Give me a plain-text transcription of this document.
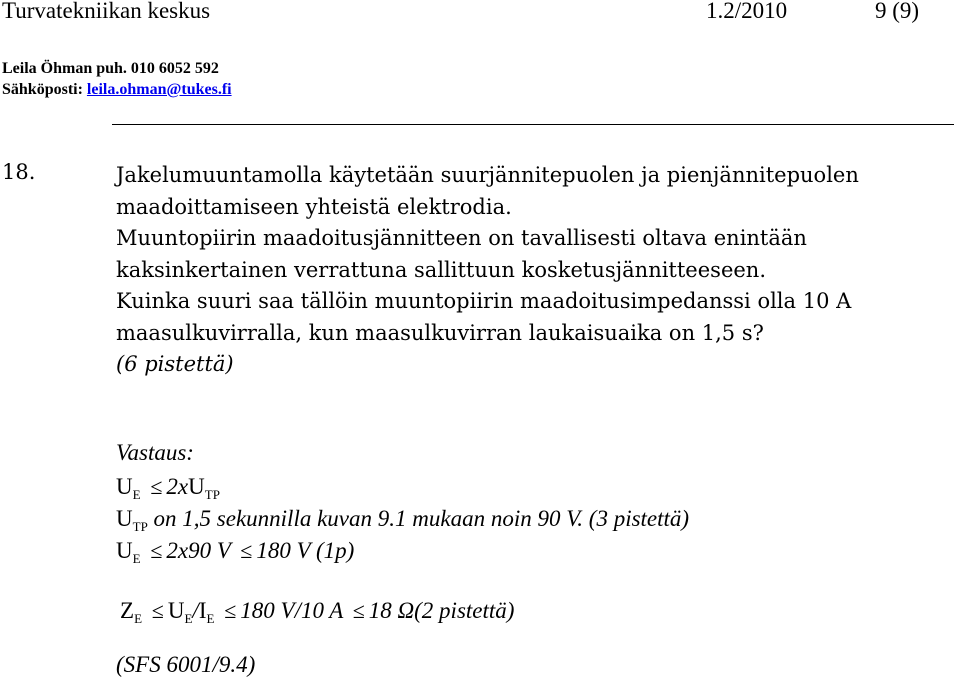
Turvatekniikan keskus	1.2/2010	9 (9)
Leila Öhman puh. 010 6052 592
Sähköposti: leila.ohman@tukes.fi
18.	Jakelumuuntamolla käytetään suurjännitepuolen ja pienjännitepuolen

maadoittamiseen yhteistä elektrodia.

Muuntopiirin maadoitusjännitteen on tavallisesti oltava enintään

kaksinkertainen verrattuna sallittuun kosketusjännitteeseen.

Kuinka suuri saa tällöin muuntopiirin maadoitusimpedanssi olla 10 A

maasulkuvirralla, kun maasulkuvirran laukaisuaika on 1,5 s?

(6 pistettä)

Vastaus:
$U_E \le 2xU_{TP}$
$U_{TP}$ on 1,5 sekunnilla kuvan 9.1 mukaan noin 90 V. (3 pistettä)
$U_E \le 2x90$ V ≤ 180 V (1p)
$Z_E \le U_E/I_E \le 180$ V/10 A ≤ 18 Ω(2 pistettä)
(SFS 6001/9.4)
